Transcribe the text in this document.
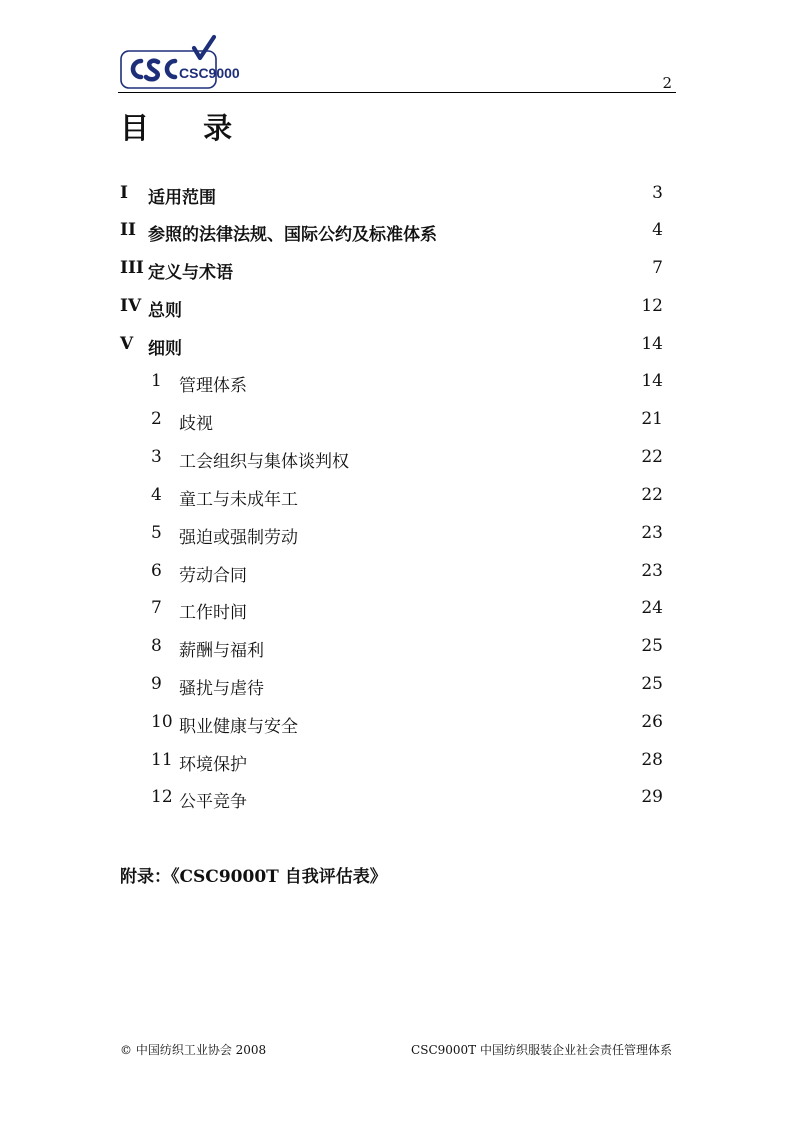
CSC9000
2
目 录
I 适用范围	3
II 参照的法律法规、国际公约及标准体系	4
III 定义与术语	7
IV 总则	12
V 细则	14
1 管理体系	14
2 歧视	21
3 工会组织与集体谈判权	22
4 童工与未成年工	22
5 强迫或强制劳动	23
6 劳动合同	23
7 工作时间	24
8 薪酬与福利	25
9 骚扰与虐待	25
10 职业健康与安全	26
11 环境保护	28
12 公平竞争	29
附录：《CSC9000T 自我评估表》
© 中国纺织工业协会 2008	CSC9000T 中国纺织服装企业社会责任管理体系
